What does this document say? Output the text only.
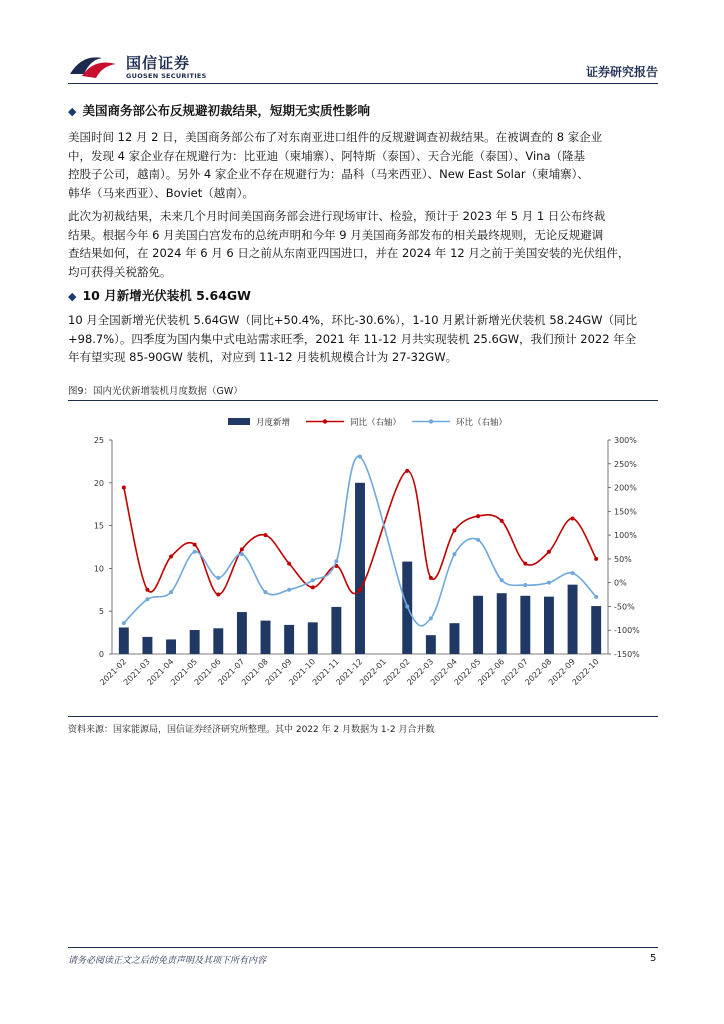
国信证券
GUOSEN SECURITIES	证券研究报告
◆ 美国商务部公布反规避初裁结果，短期无实质性影响
美国时间 12 月 2 日，美国商务部公布了对东南亚进口组件的反规避调查初裁结果。在被调查的 8 家企业
中，发现 4 家企业存在规避行为：比亚迪（柬埔寨）、阿特斯（泰国）、天合光能（泰国）、Vina（隆基
控股子公司，越南）。另外 4 家企业不存在规避行为：晶科（马来西亚）、New East Solar（柬埔寨）、
韩华（马来西亚）、Boviet（越南）。
此次为初裁结果，未来几个月时间美国商务部会进行现场审计、检验，预计于 2023 年 5 月 1 日公布终裁
结果。根据今年 6 月美国白宫发布的总统声明和今年 9 月美国商务部发布的相关最终规则，无论反规避调
查结果如何，在 2024 年 6 月 6 日之前从东南亚四国进口，并在 2024 年 12 月之前于美国安装的光伏组件，
均可获得关税豁免。
◆ 10 月新增光伏装机 5.64GW
10 月全国新增光伏装机 5.64GW（同比+50.4%，环比-30.6%），1-10 月累计新增光伏装机 58.24GW（同比
+98.7%）。四季度为国内集中式电站需求旺季，2021 年 11-12 月共实现装机 25.6GW，我们预计 2022 年全
年有望实现 85-90GW 装机，对应到 11-12 月装机规模合计为 27-32GW。
图9：国内光伏新增装机月度数据（GW）
0
5
10
15
20
25
-150%
-100%
-50%
0%
50%
100%
150%
200%
250%
300%
2021-02
2021-03
2021-04
2021-05
2021-06
2021-07
2021-08
2021-09
2021-10
2021-11
2021-12
2022-01
2022-02
2022-03
2022-04
2022-05
2022-06
2022-07
2022-08
2022-09
2022-10
月度新增	同比（右轴）	环比（右轴）
资料来源：国家能源局，国信证券经济研究所整理。其中 2022 年 2 月数据为 1-2 月合并数
请务必阅读正文之后的免责声明及其项下所有内容	5
